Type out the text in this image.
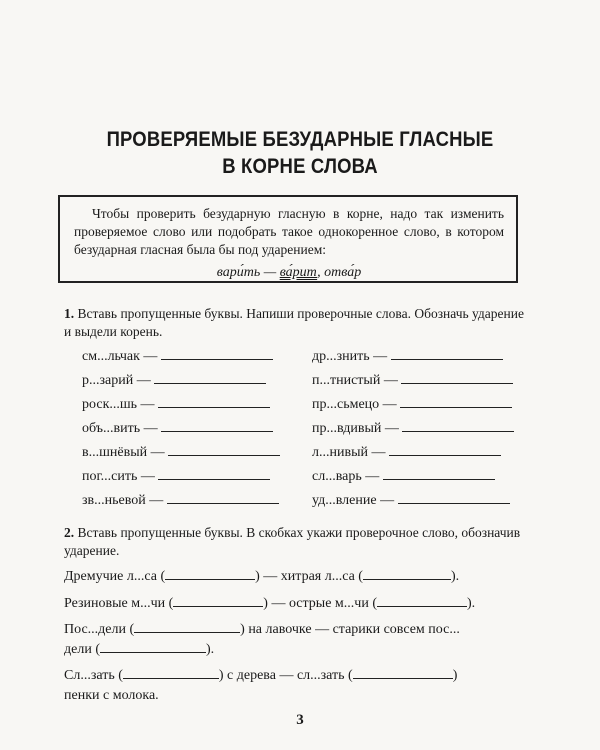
ПРОВЕРЯЕМЫЕ БЕЗУДАРНЫЕ ГЛАСНЫЕ
В КОРНЕ СЛОВА
Чтобы проверить безударную гласную в корне, надо так изменить проверяемое слово или подобрать такое однокоренное слово, в котором безударная гласная была бы под ударением:
вари́ть — ва́рит, отва́р
1. Вставь пропущенные буквы. Напиши проверочные слова. Обозначь ударение и выдели корень.
см...льчак —
р...зарий —
роск...шь —
объ...вить —
в...шнёвый —
пог...сить —
зв...ньевой —
др...знить —
п...тнистый —
пр...сьмецо —
пр...вдивый —
л...нивый —
сл...варь —
уд...вление —
2. Вставь пропущенные буквы. В скобках укажи проверочное слово, обозначив ударение.
Дремучие л...са (	) — хитрая л...са (	).
Резиновые м...чи (	) — острые м...чи (	).
Пос...дели (	) на лавочке — старики совсем пос...
дели (	).
Сл...зать (	) с дерева — сл...зать (	)
пенки с молока.
3
